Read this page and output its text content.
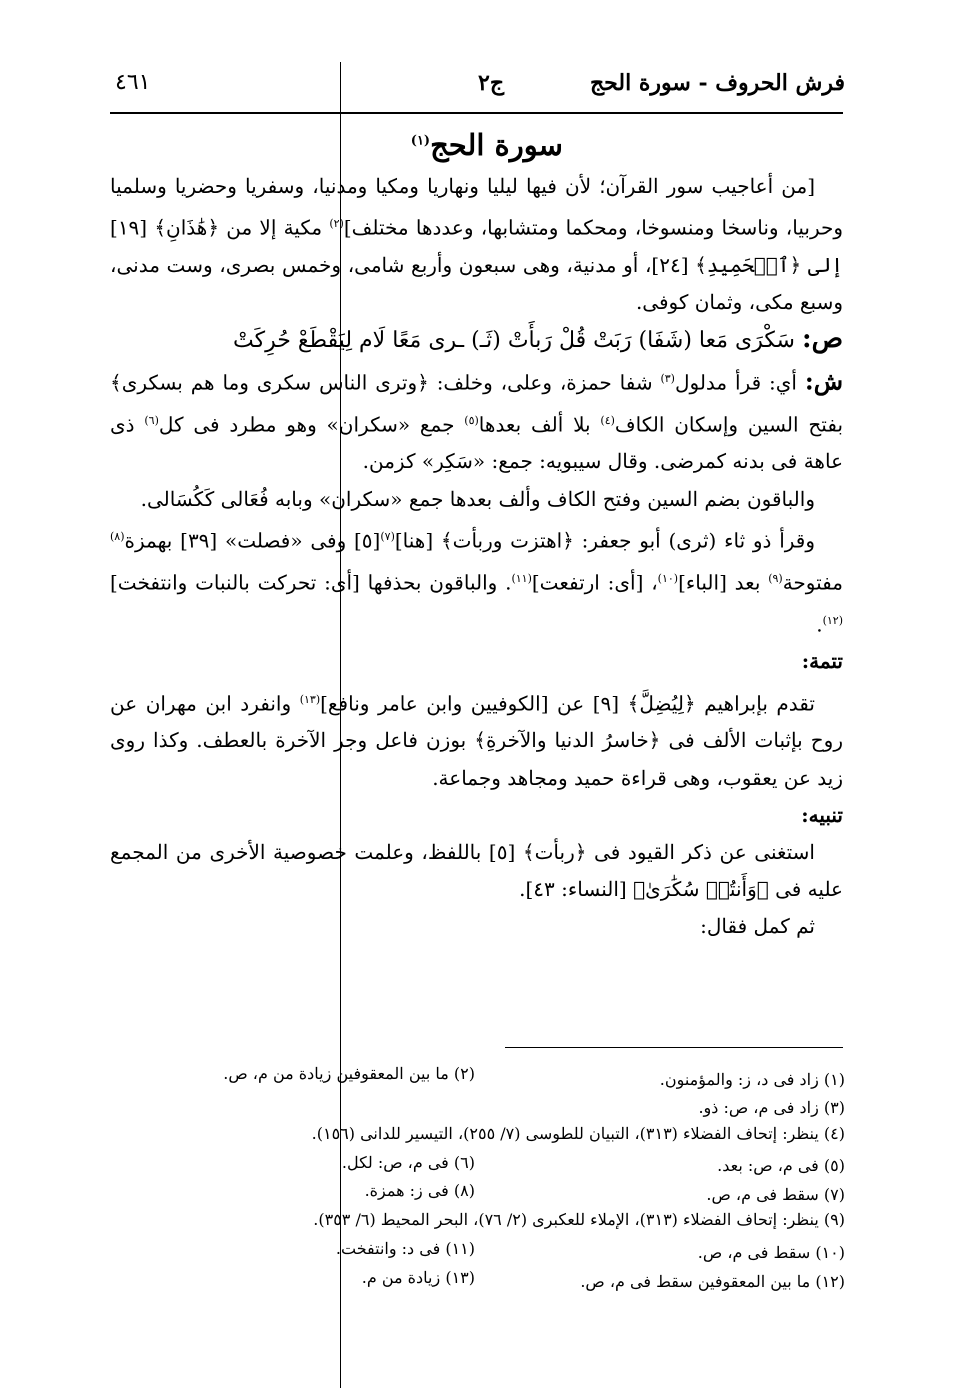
فرش الحروف - سورة الحج
ج٢
٤٦١
سورة الحج$^{(١)}$

[من أعاجيب سور القرآن؛ لأن فيها ليليا ونهاريا ومكيا ومدنيا، وسفريا وحضريا وسلميا وحربيا، وناسخا ومنسوخا، ومحكما ومتشابها، وعددها مختلف]$^{(٢)}$ مكية إلا من ﴿هَٰذَانِ﴾ [١٩] إلى ﴿ٱلۡحَمِيدِ﴾ [٢٤]، أو مدنية، وهى سبعون وأربع شامى، وخمس بصرى، وست مدنى، وسبع مكى، وثمان كوفى.

ص: سَكْرَى مَعا (شَفَا) رَبَتْ قُلْ رَبأَتْ (ثَـ) ـرى مَعًا لَام لِيَقْطَعْ حُرِكَتْ

ش: أي: قرأ مدلول$^{(٣)}$ شفا حمزة، وعلى، وخلف: ﴿وترى الناس سكرى وما هم بسكرى﴾ بفتح السين وإسكان الكاف$^{(٤)}$ بلا ألف بعدها$^{(٥)}$ جمع «سكران» وهو مطرد فى كل$^{(٦)}$ ذى عاهة فى بدنه كمرضى. وقال سيبويه: جمع: «سَكِر» كزمن.

والباقون بضم السين وفتح الكاف وألف بعدها جمع «سكران» وبابه فُعَالى كَكُسَالى.

وقرأ ذو ثاء (ثرى) أبو جعفر: ﴿اهتزت وربأت﴾ [هنا]$^{(٧)}$[٥] وفى «فصلت» [٣٩] بهمزة$^{(٨)}$ مفتوحة$^{(٩)}$ بعد [الباء]$^{(١٠)}$، [أى: ارتفعت]$^{(١١)}$. والباقون بحذفها [أى: تحركت بالنبات وانتفخت]$^{(١٢)}$.

تتمة:

تقدم بإبراهيم ﴿لِيُضِلَّ﴾ [٩] عن [الكوفيين وابن عامر ونافع]$^{(١٣)}$ وانفرد ابن مهران عن روح بإثبات الألف فى ﴿خاسرُ الدنيا والآخرةِ﴾ بوزن فاعل وجر الآخرة بالعطف. وكذا روى زيد عن يعقوب، وهى قراءة حميد ومجاهد وجماعة.

تنبيه:

استغنى عن ذكر القيود فى ﴿ربأت﴾ [٥] باللفظ، وعلمت خصوصية الأخرى من المجمع عليه فى ﴿وَأَنتُمۡ سُكَٰرَىٰ﴾ [النساء: ٤٣].

ثم كمل فقال:

(١) زاد فى د، ز: والمؤمنون.
(٢) ما بين المعقوفين زيادة من م، ص.
(٣) زاد فى م، ص: ذو.
(٤) ينظر: إتحاف الفضلاء (٣١٣)، التبيان للطوسى (٧/ ٢٥٥)، التيسير للدانى (١٥٦).
(٥) فى م، ص: بعد.
(٦) فى م، ص: لكل.
(٧) سقط فى م، ص.
(٨) فى ز: همزة.
(٩) ينظر: إتحاف الفضلاء (٣١٣)، الإملاء للعكبرى (٢/ ٧٦)، البحر المحيط (٦/ ٣٥٣).
(١٠) سقط فى م، ص.
(١١) فى د: وانتفخت.
(١٢) ما بين المعقوفين سقط فى م، ص.
(١٣) زيادة من م.
